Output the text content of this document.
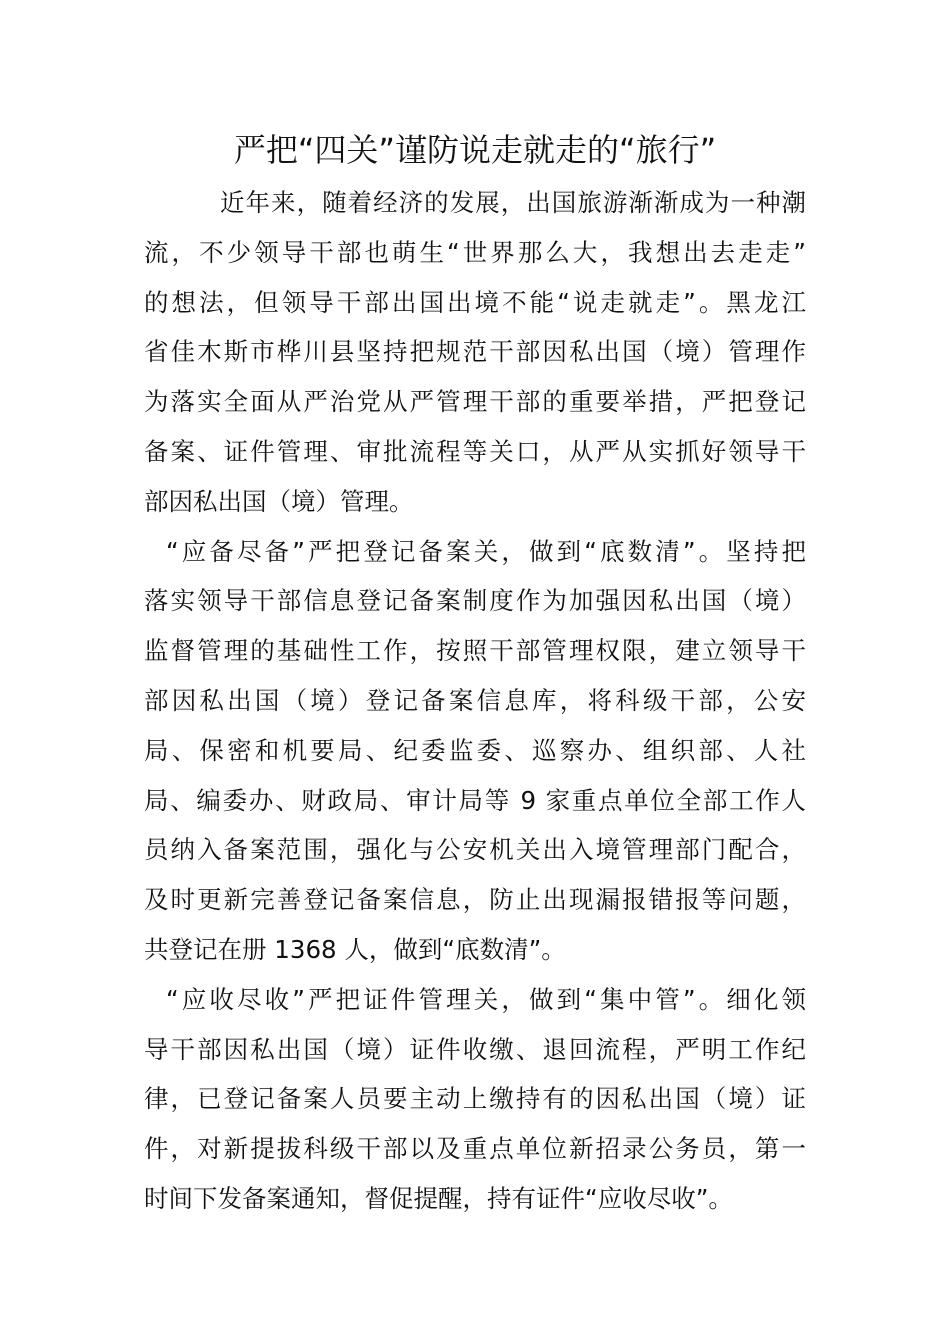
严把“四关”谨防说走就走的“旅行”
近年来，随着经济的发展，出国旅游渐渐成为一种潮
流，不少领导干部也萌生“世界那么大，我想出去走走”
的想法，但领导干部出国出境不能“说走就走”。黑龙江
省佳木斯市桦川县坚持把规范干部因私出国（境）管理作
为落实全面从严治党从严管理干部的重要举措，严把登记
备案、证件管理、审批流程等关口，从严从实抓好领导干
部因私出国（境）管理。
“应备尽备”严把登记备案关，做到“底数清”。坚持把
落实领导干部信息登记备案制度作为加强因私出国（境）
监督管理的基础性工作，按照干部管理权限，建立领导干
部因私出国（境）登记备案信息库，将科级干部，公安
局、保密和机要局、纪委监委、巡察办、组织部、人社
局、编委办、财政局、审计局等 9 家重点单位全部工作人
员纳入备案范围，强化与公安机关出入境管理部门配合，
及时更新完善登记备案信息，防止出现漏报错报等问题，
共登记在册 1368 人，做到“底数清”。
“应收尽收”严把证件管理关，做到“集中管”。细化领
导干部因私出国（境）证件收缴、退回流程，严明工作纪
律，已登记备案人员要主动上缴持有的因私出国（境）证
件，对新提拔科级干部以及重点单位新招录公务员，第一
时间下发备案通知，督促提醒，持有证件“应收尽收”。
